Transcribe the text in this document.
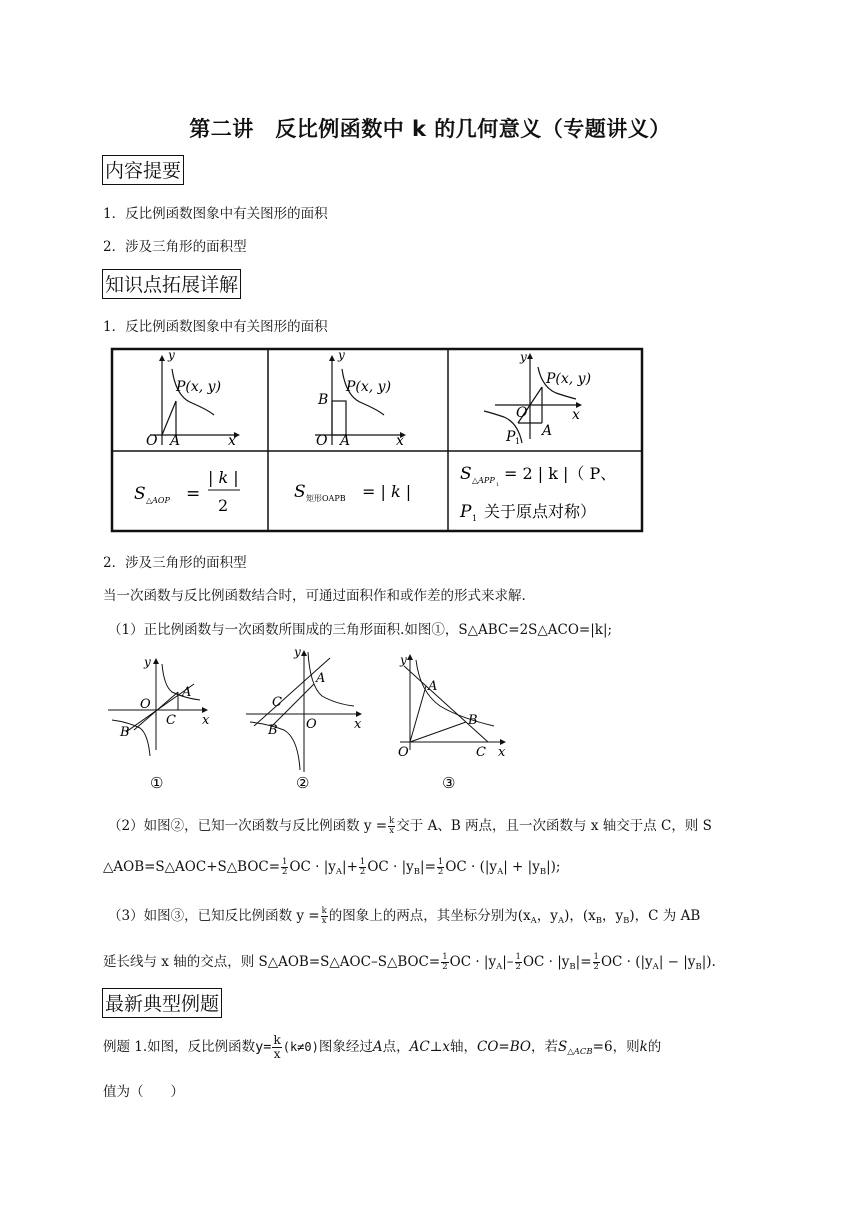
第二讲　反比例函数中 k 的几何意义（专题讲义）
内容提要
1．反比例函数图象中有关图形的面积
2．涉及三角形的面积型
知识点拓展详解
1．反比例函数图象中有关图形的面积
y
x
O A
P(x, y)
y
x
O A
B
P(x, y)
y
x
O
A
P 1
P(x, y)
S △AOP =
| k |
2
S 矩形OAPB = | k |
S △APP 1
= 2 | k |（ P、
P 1 关于原点对称）
2．涉及三角形的面积型
当一次函数与反比例函数结合时，可通过面积作和或作差的形式来求解.
（1）正比例函数与一次函数所围成的三角形面积.如图①，S△ABC=2S△ACO=|k|;
y
x
O
A
C
B
①
y
x
O
A
C
B
②
y
x
O
A
B
C
③
（2）如图②，已知一次函数与反比例函数 $y = \frac{k}{x}$ 交于 A、B 两点，且一次函数与 x 轴交于点 C，则 S
△AOB=S△AOC+S△BOC= $\frac{1}{2}$ OC · $|y_A|+ \frac{1}{2}$ OC · $|y_B|= \frac{1}{2}$ OC · $(|y_A| + |y_B|)$;
（3）如图③，已知反比例函数 $y = \frac{k}{x}$ 的图象上的两点，其坐标分别为($x_A$，$y_A$)，($x_B$，$y_B$)，C 为 AB
延长线与 x 轴的交点，则 S△AOB=S△AOC–S△BOC= $\frac{1}{2}$ OC · $|y_A|- \frac{1}{2}$ OC · $|y_B|= \frac{1}{2}$ OC · $(|y_A| - |y_B|)$.
最新典型例题
例题 1.如图，反比例函数$y= \frac{k}{x} (k\ne 0)$图象经过A点，AC⊥x轴，CO=BO，若$S_{\triangle ACB}=6$，则k的
值为（　　）
